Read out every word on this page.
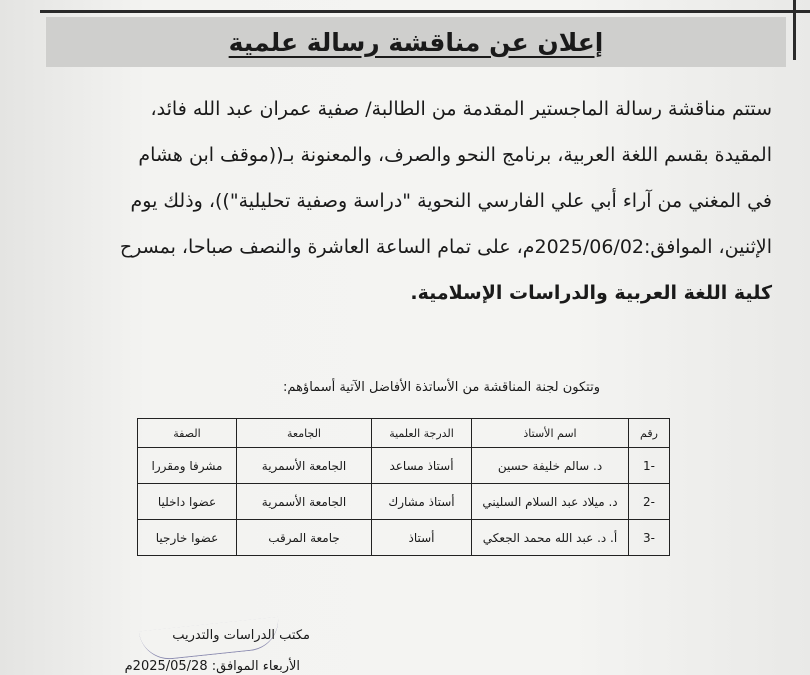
إعلان عن مناقشة رسالة علمية
ستتم مناقشة رسالة الماجستير المقدمة من الطالبة/ صفية عمران عبد الله فائد،
المقيدة بقسم اللغة العربية، برنامج النحو والصرف، والمعنونة بـ((موقف ابن هشام
في المغني من آراء أبي علي الفارسي النحوية "دراسة وصفية تحليلية"))، وذلك يوم
الإثنين، الموافق:2025/06/02م، على تمام الساعة العاشرة والنصف صباحا، بمسرح
كلية اللغة العربية والدراسات الإسلامية.
وتتكون لجنة المناقشة من الأساتذة الأفاضل الآتية أسماؤهم:
رقم	اسم الأستاذ	الدرجة العلمية	الجامعة	الصفة
-1	د. سالم خليفة حسين	أستاذ مساعد	الجامعة الأسمرية	مشرفا ومقررا
-2	د. ميلاد عبد السلام السليني	أستاذ مشارك	الجامعة الأسمرية	عضوا داخليا
-3	أ. د. عبد الله محمد الجعكي	أستاذ	جامعة المرقب	عضوا خارجيا
مكتب الدراسات والتدريب
الأربعاء الموافق: 2025/05/28م
